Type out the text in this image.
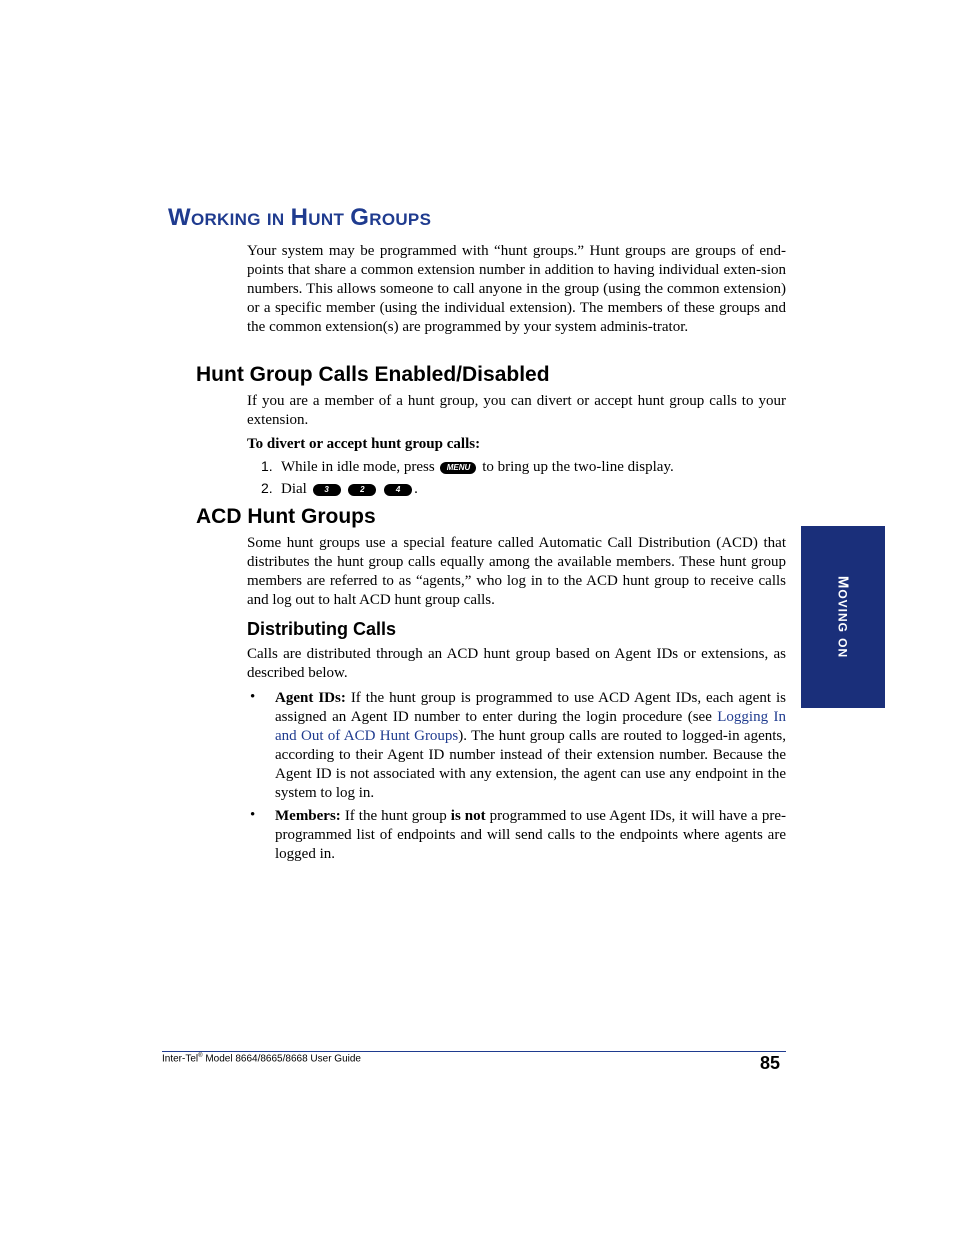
WORKING IN HUNT GROUPS

Your system may be programmed with “hunt groups.” Hunt groups are groups of end-points that share a common extension number in addition to having individual exten-sion numbers. This allows someone to call anyone in the group (using the common extension) or a specific member (using the individual extension). The members of these groups and the common extension(s) are programmed by your system adminis-trator.

Hunt Group Calls Enabled/Disabled

If you are a member of a hunt group, you can divert or accept hunt group calls to your extension.

To divert or accept hunt group calls:
1. While in idle mode, press MENU to bring up the two-line display.
2. Dial 3	2	4 .
ACD Hunt Groups

Some hunt groups use a special feature called Automatic Call Distribution (ACD) that distributes the hunt group calls equally among the available members. These hunt group members are referred to as “agents,” who log in to the ACD hunt group to receive calls and log out to halt ACD hunt group calls.

Distributing Calls

Calls are distributed through an ACD hunt group based on Agent IDs or extensions, as described below.

• Agent IDs: If the hunt group is programmed to use ACD Agent IDs, each agent is assigned an Agent ID number to enter during the login procedure (see Logging In and Out of ACD Hunt Groups). The hunt group calls are routed to logged-in agents, according to their Agent ID number instead of their extension number. Because the Agent ID is not associated with any extension, the agent can use any endpoint in the system to log in.

• Members: If the hunt group is not programmed to use Agent IDs, it will have a pre-programmed list of endpoints and will send calls to the endpoints where agents are logged in.

MOVING ON
Inter-Tel® Model 8664/8665/8668 User Guide	85
